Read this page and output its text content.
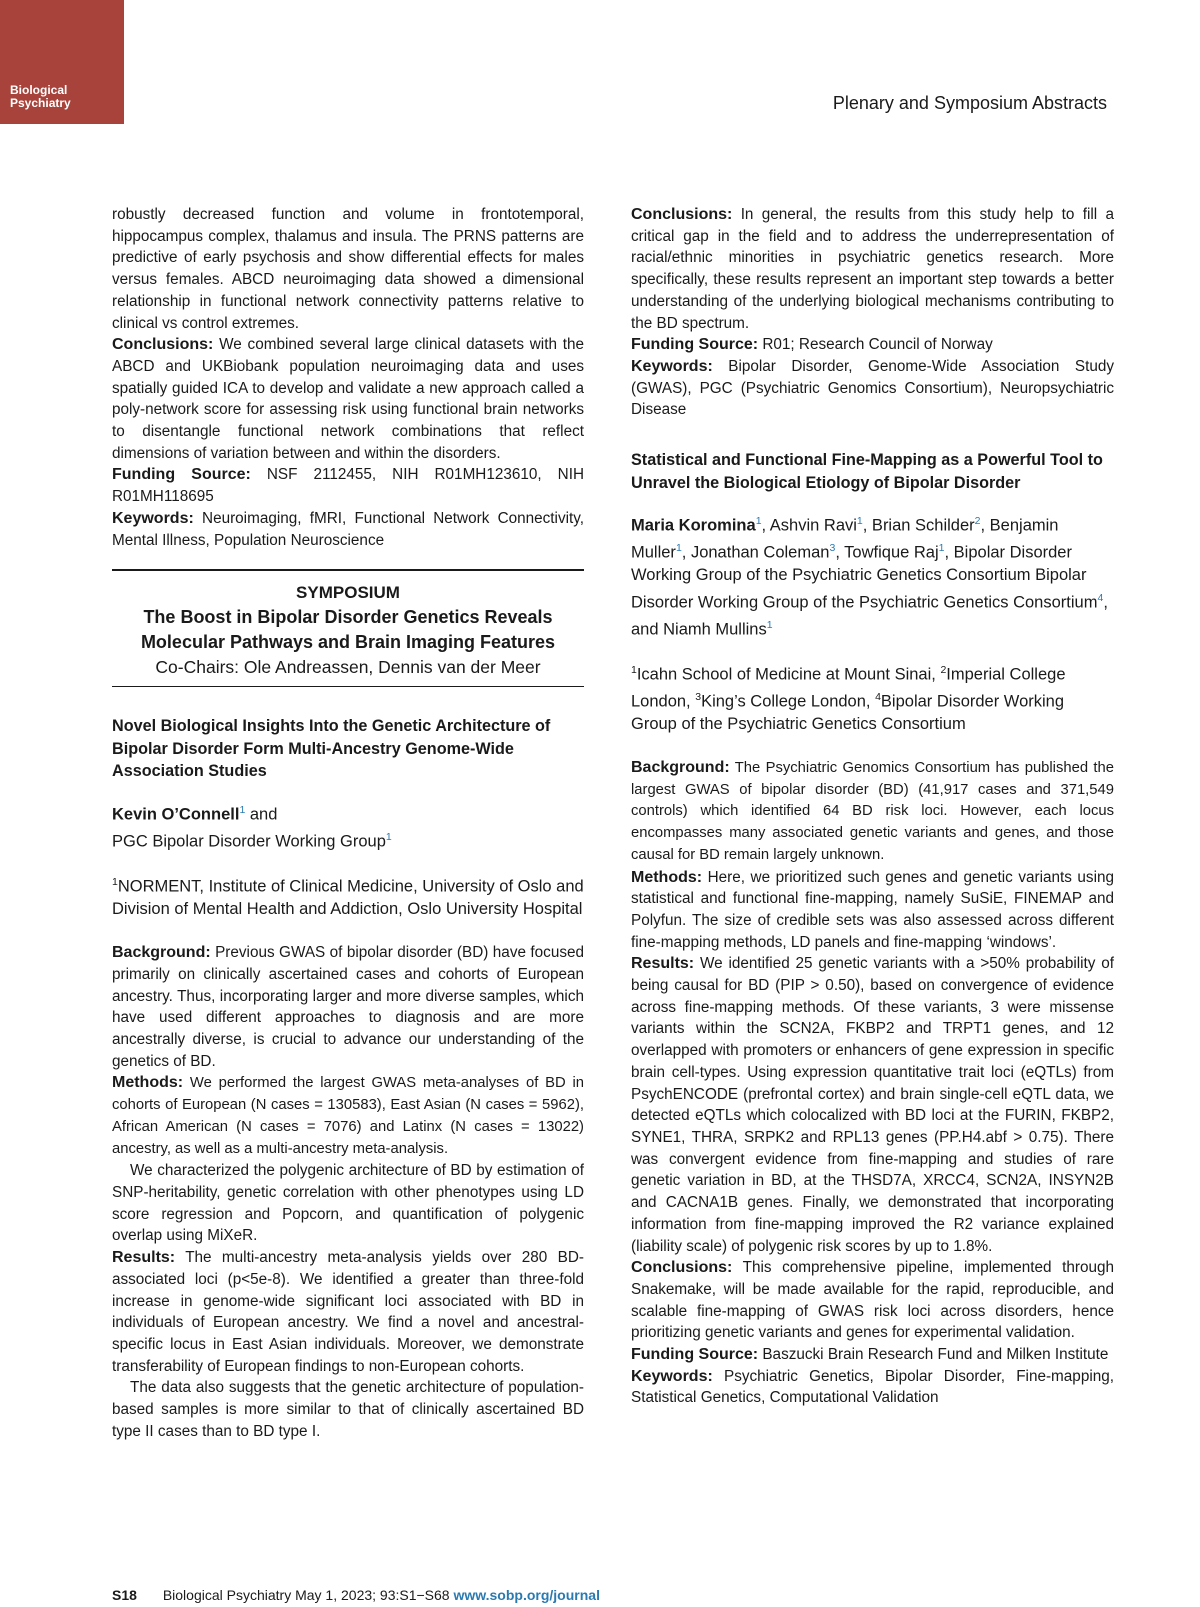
Biological
Psychiatry	Plenary and Symposium Abstracts

robustly decreased function and volume in frontotemporal, hippocampus complex, thalamus and insula. The PRNS patterns are predictive of early psychosis and show differential effects for males versus females. ABCD neuroimaging data showed a dimensional relationship in functional network connectivity patterns relative to clinical vs control extremes.

Conclusions: We combined several large clinical datasets with the ABCD and UKBiobank population neuroimaging data and uses spatially guided ICA to develop and validate a new approach called a poly-network score for assessing risk using functional brain networks to disentangle functional network combinations that reflect dimensions of variation between and within the disorders.

Funding Source: NSF 2112455, NIH R01MH123610, NIH R01MH118695

Keywords: Neuroimaging, fMRI, Functional Network Connectivity, Mental Illness, Population Neuroscience

SYMPOSIUM
The Boost in Bipolar Disorder Genetics Reveals Molecular Pathways and Brain Imaging Features
Co-Chairs: Ole Andreassen, Dennis van der Meer
Novel Biological Insights Into the Genetic Architecture of Bipolar Disorder Form Multi-Ancestry Genome-Wide Association Studies
Kevin O’Connell$^1$ and
PGC Bipolar Disorder Working Group$^1$
$^1$NORMENT, Institute of Clinical Medicine, University of Oslo and Division of Mental Health and Addiction, Oslo University Hospital

Background: Previous GWAS of bipolar disorder (BD) have focused primarily on clinically ascertained cases and cohorts of European ancestry. Thus, incorporating larger and more diverse samples, which have used different approaches to diagnosis and are more ancestrally diverse, is crucial to advance our understanding of the genetics of BD.

Methods: We performed the largest GWAS meta-analyses of BD in cohorts of European (N cases = 130583), East Asian (N cases = 5962), African American (N cases = 7076) and Latinx (N cases = 13022) ancestry, as well as a multi-ancestry meta-analysis.

We characterized the polygenic architecture of BD by estimation of SNP-heritability, genetic correlation with other phenotypes using LD score regression and Popcorn, and quantification of polygenic overlap using MiXeR.

Results: The multi-ancestry meta-analysis yields over 280 BD-associated loci (p<5e-8). We identified a greater than three-fold increase in genome-wide significant loci associated with BD in individuals of European ancestry. We find a novel and ancestral-specific locus in East Asian individuals. Moreover, we demonstrate transferability of European findings to non-European cohorts.

The data also suggests that the genetic architecture of population-based samples is more similar to that of clinically ascertained BD type II cases than to BD type I.

Conclusions: In general, the results from this study help to fill a critical gap in the field and to address the underrepresentation of racial/ethnic minorities in psychiatric genetics research. More specifically, these results represent an important step towards a better understanding of the underlying biological mechanisms contributing to the BD spectrum.

Funding Source: R01; Research Council of Norway

Keywords: Bipolar Disorder, Genome-Wide Association Study (GWAS), PGC (Psychiatric Genomics Consortium), Neuropsychiatric Disease

Statistical and Functional Fine-Mapping as a Powerful Tool to Unravel the Biological Etiology of Bipolar Disorder
Maria Koromina$^1$, Ashvin Ravi$^1$, Brian Schilder$^2$, Benjamin Muller$^1$, Jonathan Coleman$^3$, Towfique Raj$^1$, Bipolar Disorder Working Group of the Psychiatric Genetics Consortium Bipolar Disorder Working Group of the Psychiatric Genetics Consortium$^4$, and Niamh Mullins$^1$
$^1$Icahn School of Medicine at Mount Sinai, $^2$Imperial College London, $^3$King’s College London, $^4$Bipolar Disorder Working Group of the Psychiatric Genetics Consortium

Background: The Psychiatric Genomics Consortium has published the largest GWAS of bipolar disorder (BD) (41,917 cases and 371,549 controls) which identified 64 BD risk loci. However, each locus encompasses many associated genetic variants and genes, and those causal for BD remain largely unknown.

Methods: Here, we prioritized such genes and genetic variants using statistical and functional fine-mapping, namely SuSiE, FINEMAP and Polyfun. The size of credible sets was also assessed across different fine-mapping methods, LD panels and fine-mapping ‘windows’.

Results: We identified 25 genetic variants with a >50% probability of being causal for BD (PIP > 0.50), based on convergence of evidence across fine-mapping methods. Of these variants, 3 were missense variants within the SCN2A, FKBP2 and TRPT1 genes, and 12 overlapped with promoters or enhancers of gene expression in specific brain cell-types. Using expression quantitative trait loci (eQTLs) from PsychENCODE (prefrontal cortex) and brain single-cell eQTL data, we detected eQTLs which colocalized with BD loci at the FURIN, FKBP2, SYNE1, THRA, SRPK2 and RPL13 genes (PP.H4.abf > 0.75). There was convergent evidence from fine-mapping and studies of rare genetic variation in BD, at the THSD7A, XRCC4, SCN2A, INSYN2B and CACNA1B genes. Finally, we demonstrated that incorporating information from fine-mapping improved the R2 variance explained (liability scale) of polygenic risk scores by up to 1.8%.

Conclusions: This comprehensive pipeline, implemented through Snakemake, will be made available for the rapid, reproducible, and scalable fine-mapping of GWAS risk loci across disorders, hence prioritizing genetic variants and genes for experimental validation.

Funding Source: Baszucki Brain Research Fund and Milken Institute

Keywords: Psychiatric Genetics, Bipolar Disorder, Fine-mapping, Statistical Genetics, Computational Validation

S18 Biological Psychiatry May 1, 2023; 93:S1−S68 www.sobp.org/journal
